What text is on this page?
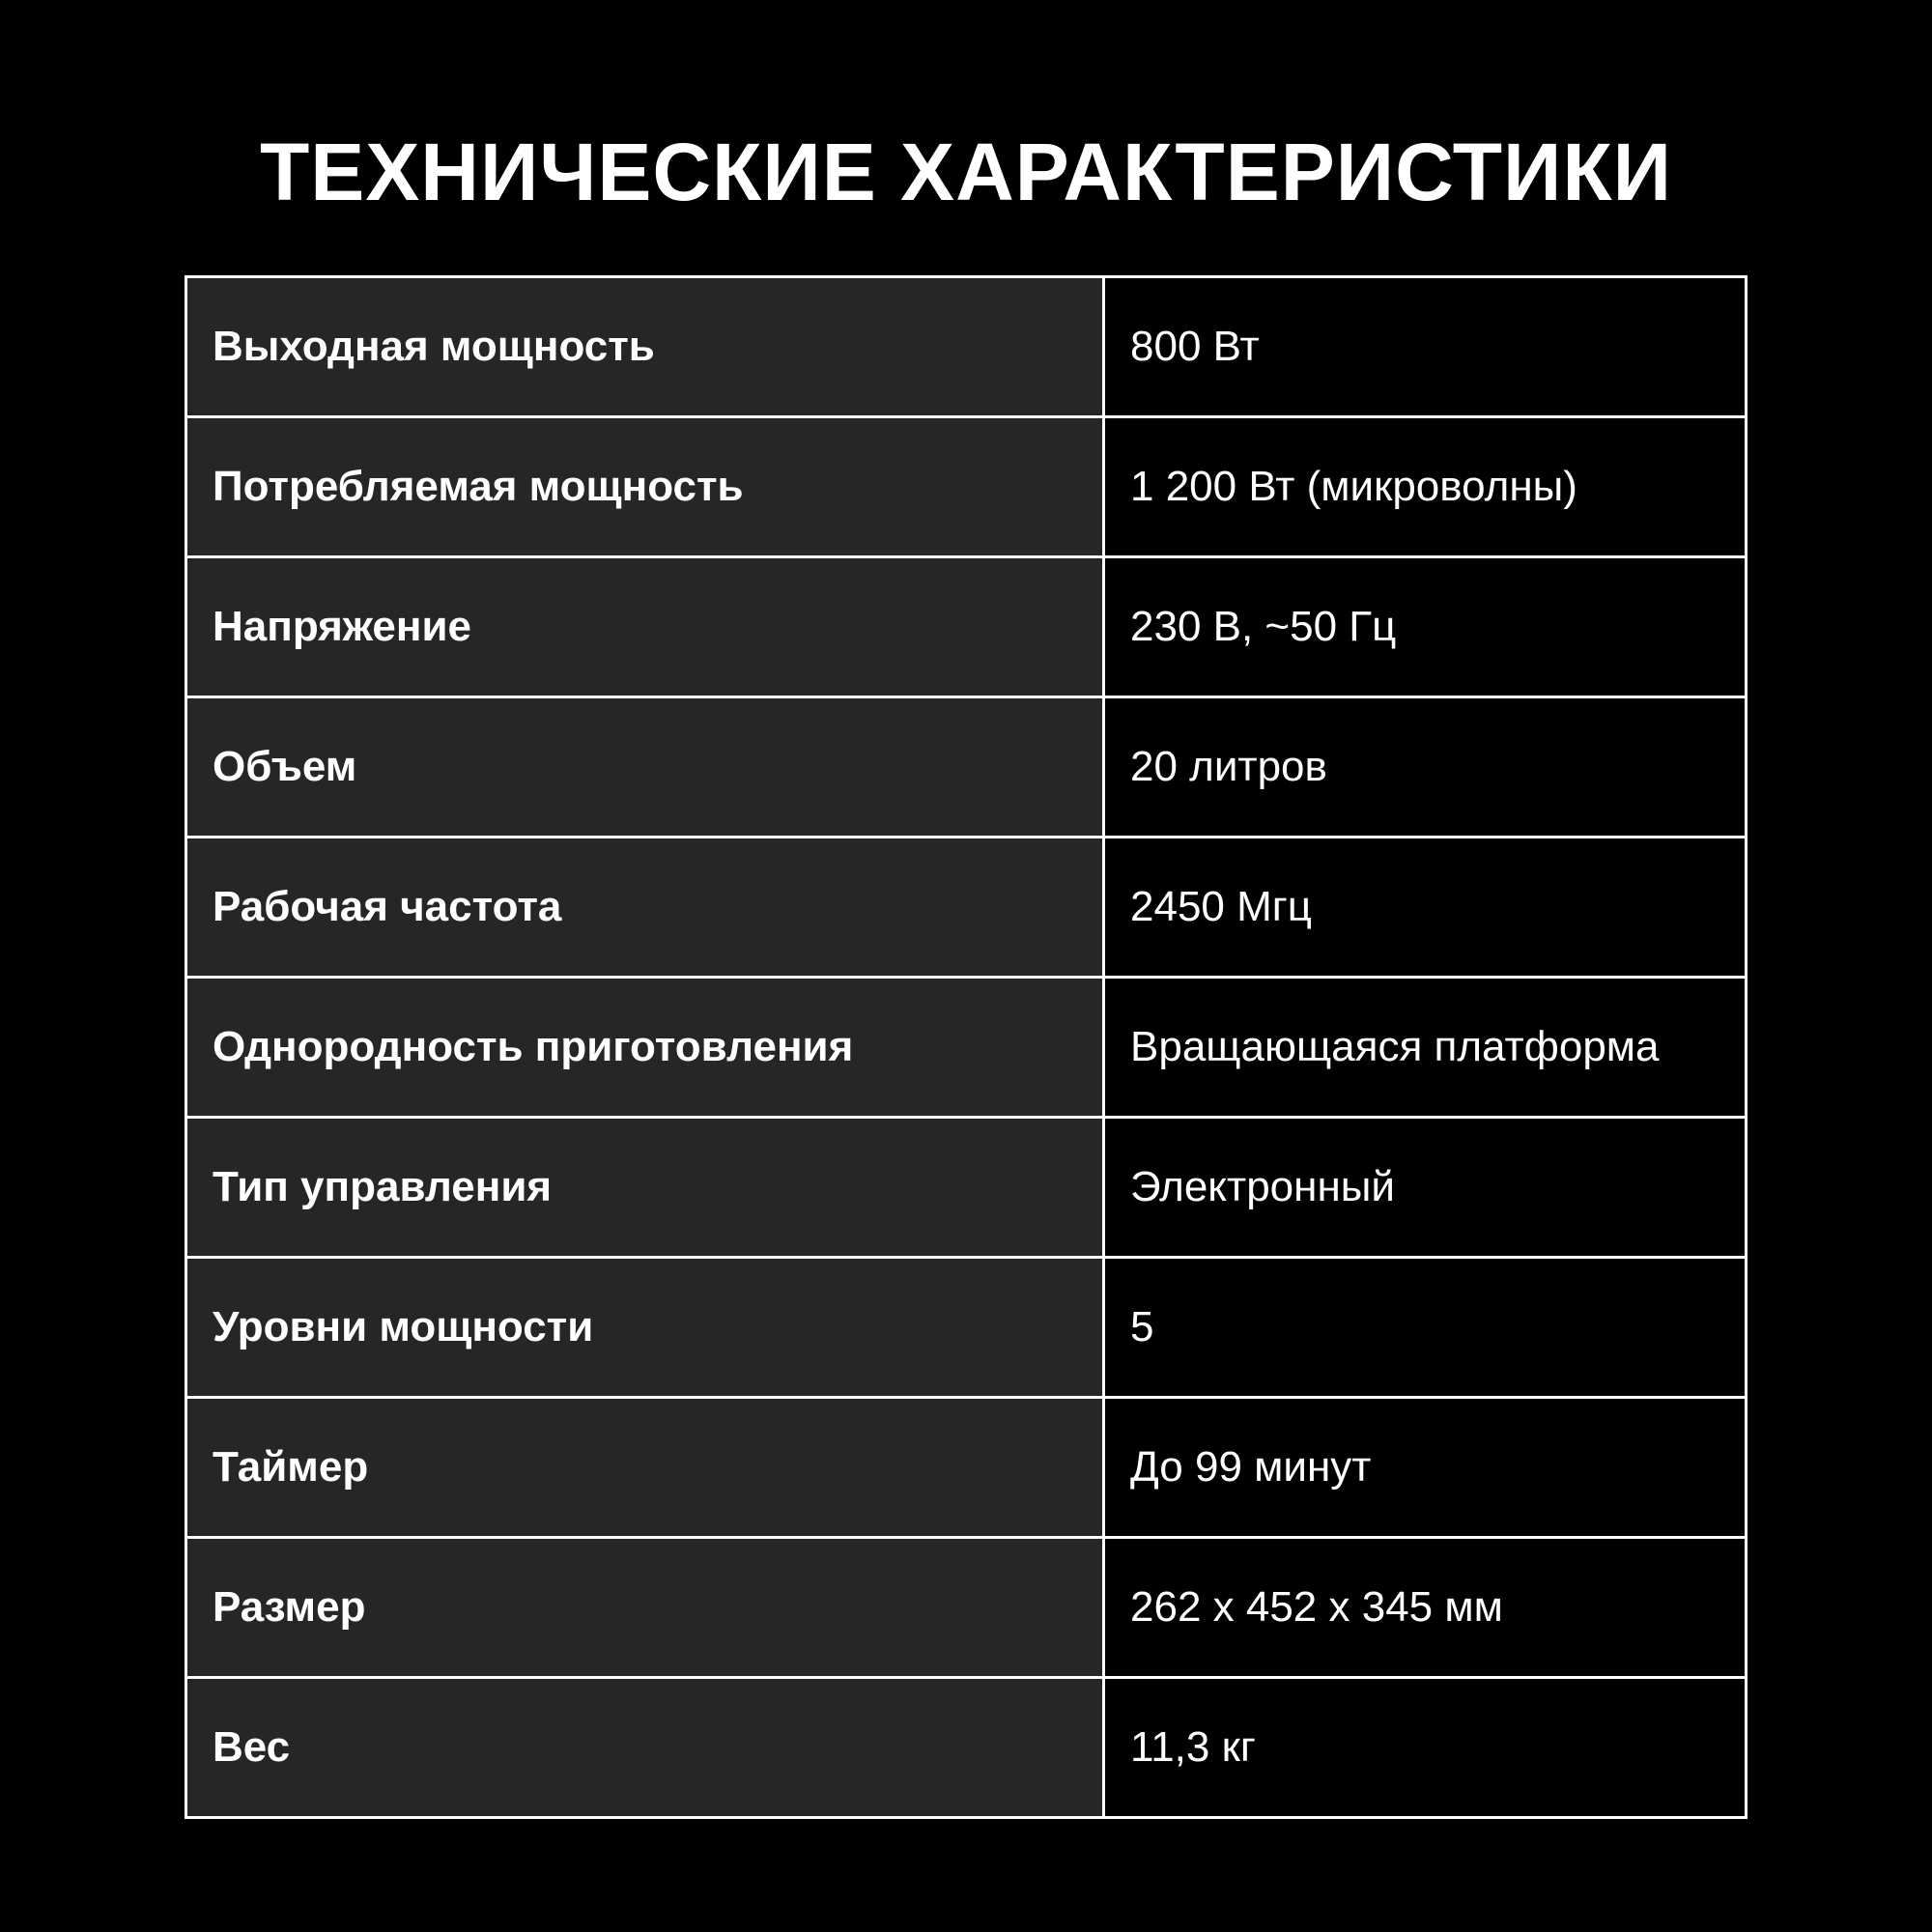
ТЕХНИЧЕСКИЕ ХАРАКТЕРИСТИКИ
Выходная мощность	800 Вт
Потребляемая мощность	1 200 Вт (микроволны)
Напряжение	230 В, ~50 Гц
Объем	20 литров
Рабочая частота	2450 Мгц
Однородность приготовления	Вращающаяся платформа
Тип управления	Электронный
Уровни мощности	5
Таймер	До 99 минут
Размер	262 х 452 х 345 мм
Вес	11,3 кг
